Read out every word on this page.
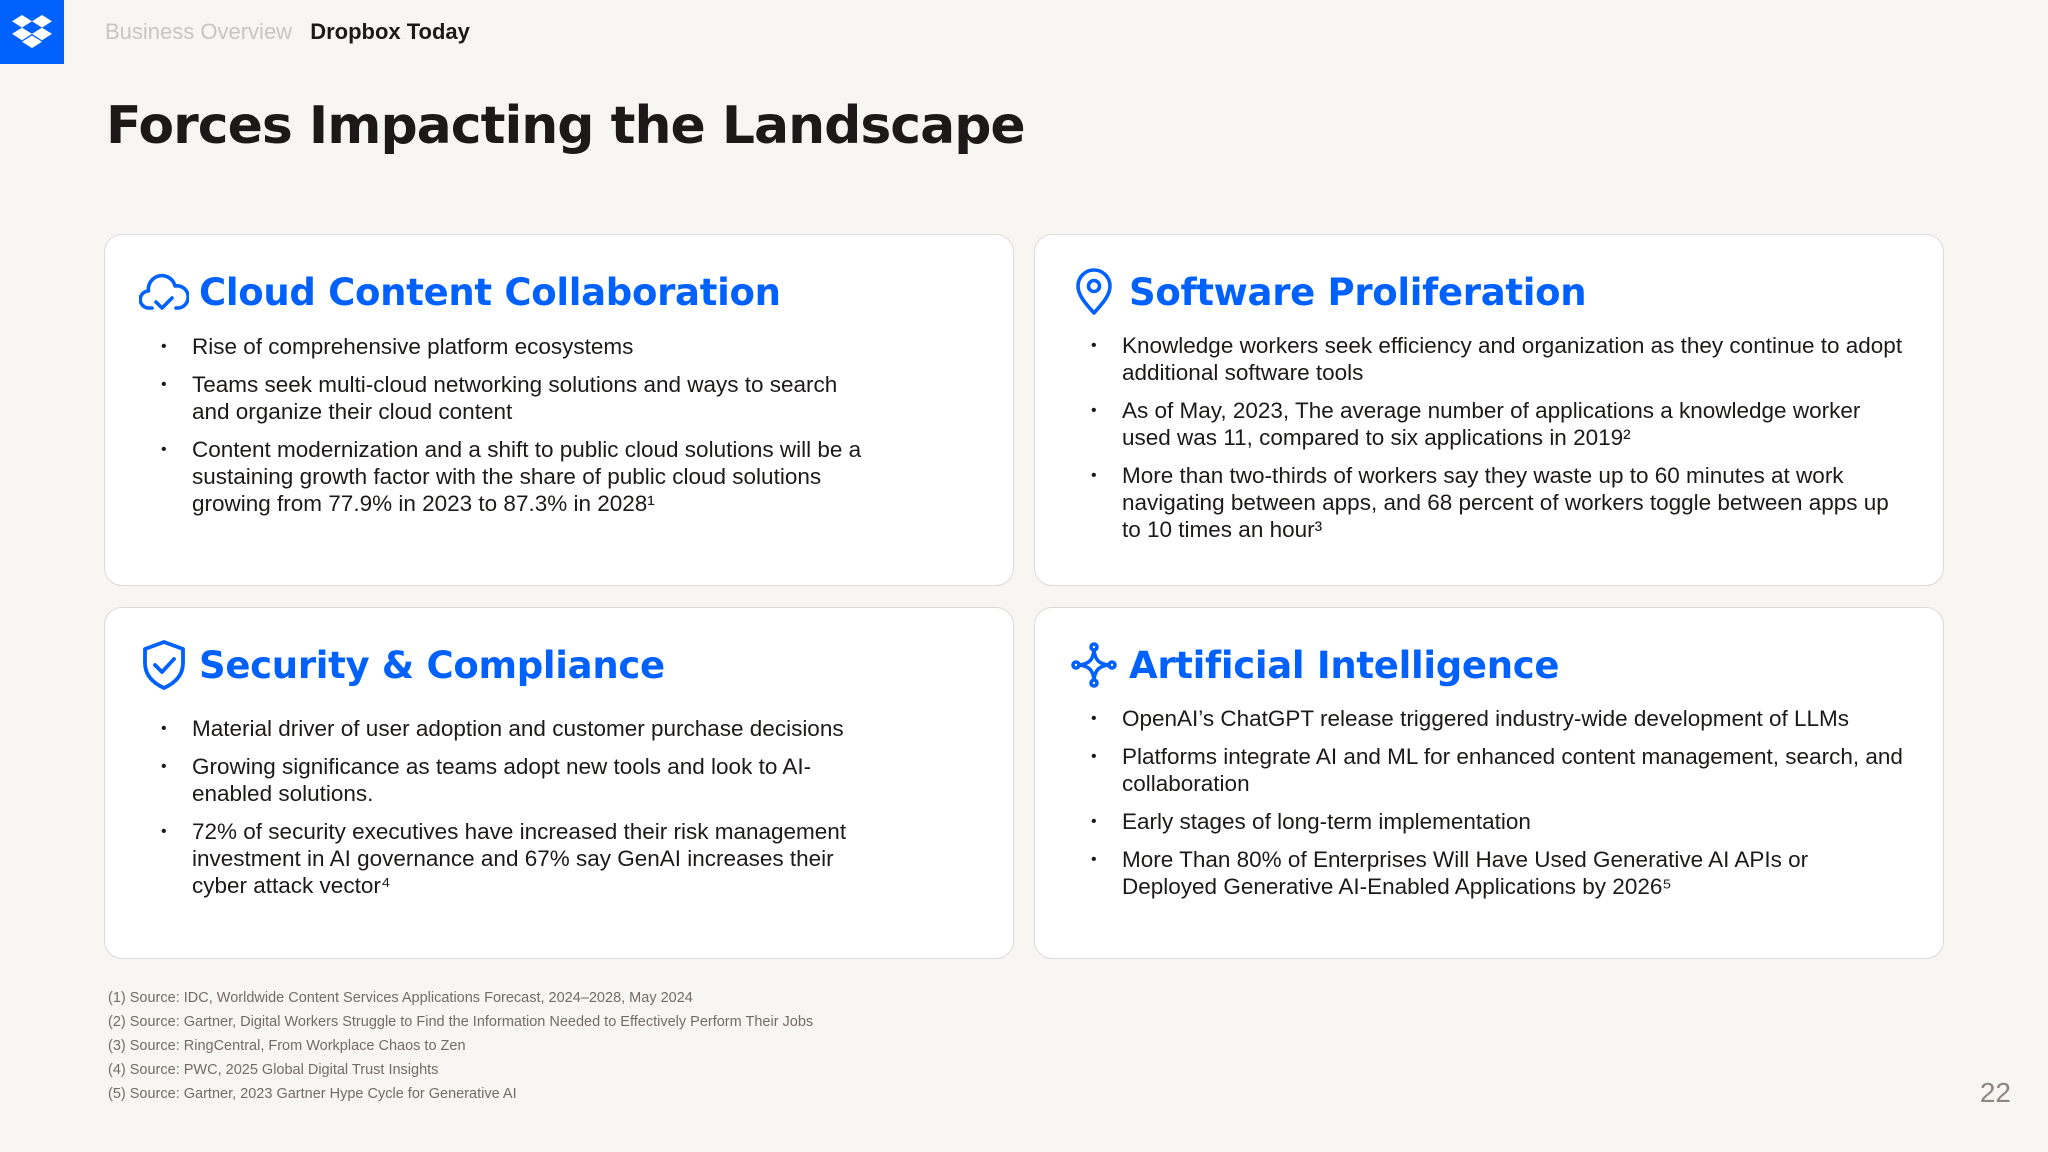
Business Overview Dropbox Today
Forces Impacting the Landscape
Cloud Content Collaboration
• Rise of comprehensive platform ecosystems
• Teams seek multi-cloud networking solutions and ways to search and organize their cloud content
• Content modernization and a shift to public cloud solutions will be a sustaining growth factor with the share of public cloud solutions growing from 77.9% in 2023 to 87.3% in 2028¹
Software Proliferation
• Knowledge workers seek efficiency and organization as they continue to adopt additional software tools
• As of May, 2023, The average number of applications a knowledge worker used was 11, compared to six applications in 2019²
• More than two-thirds of workers say they waste up to 60 minutes at work navigating between apps, and 68 percent of workers toggle between apps up to 10 times an hour³
Security & Compliance
• Material driver of user adoption and customer purchase decisions
• Growing significance as teams adopt new tools and look to AI-enabled solutions.
• 72% of security executives have increased their risk management investment in AI governance and 67% say GenAI increases their cyber attack vector⁴
Artificial Intelligence
• OpenAI’s ChatGPT release triggered industry-wide development of LLMs
• Platforms integrate AI and ML for enhanced content management, search, and collaboration
• Early stages of long-term implementation
• More Than 80% of Enterprises Will Have Used Generative AI APIs or Deployed Generative AI-Enabled Applications by 2026⁵
(1) Source: IDC, Worldwide Content Services Applications Forecast, 2024–2028, May 2024
(2) Source: Gartner, Digital Workers Struggle to Find the Information Needed to Effectively Perform Their Jobs
(3) Source: RingCentral, From Workplace Chaos to Zen
(4) Source: PWC, 2025 Global Digital Trust Insights
(5) Source: Gartner, 2023 Gartner Hype Cycle for Generative AI	22
